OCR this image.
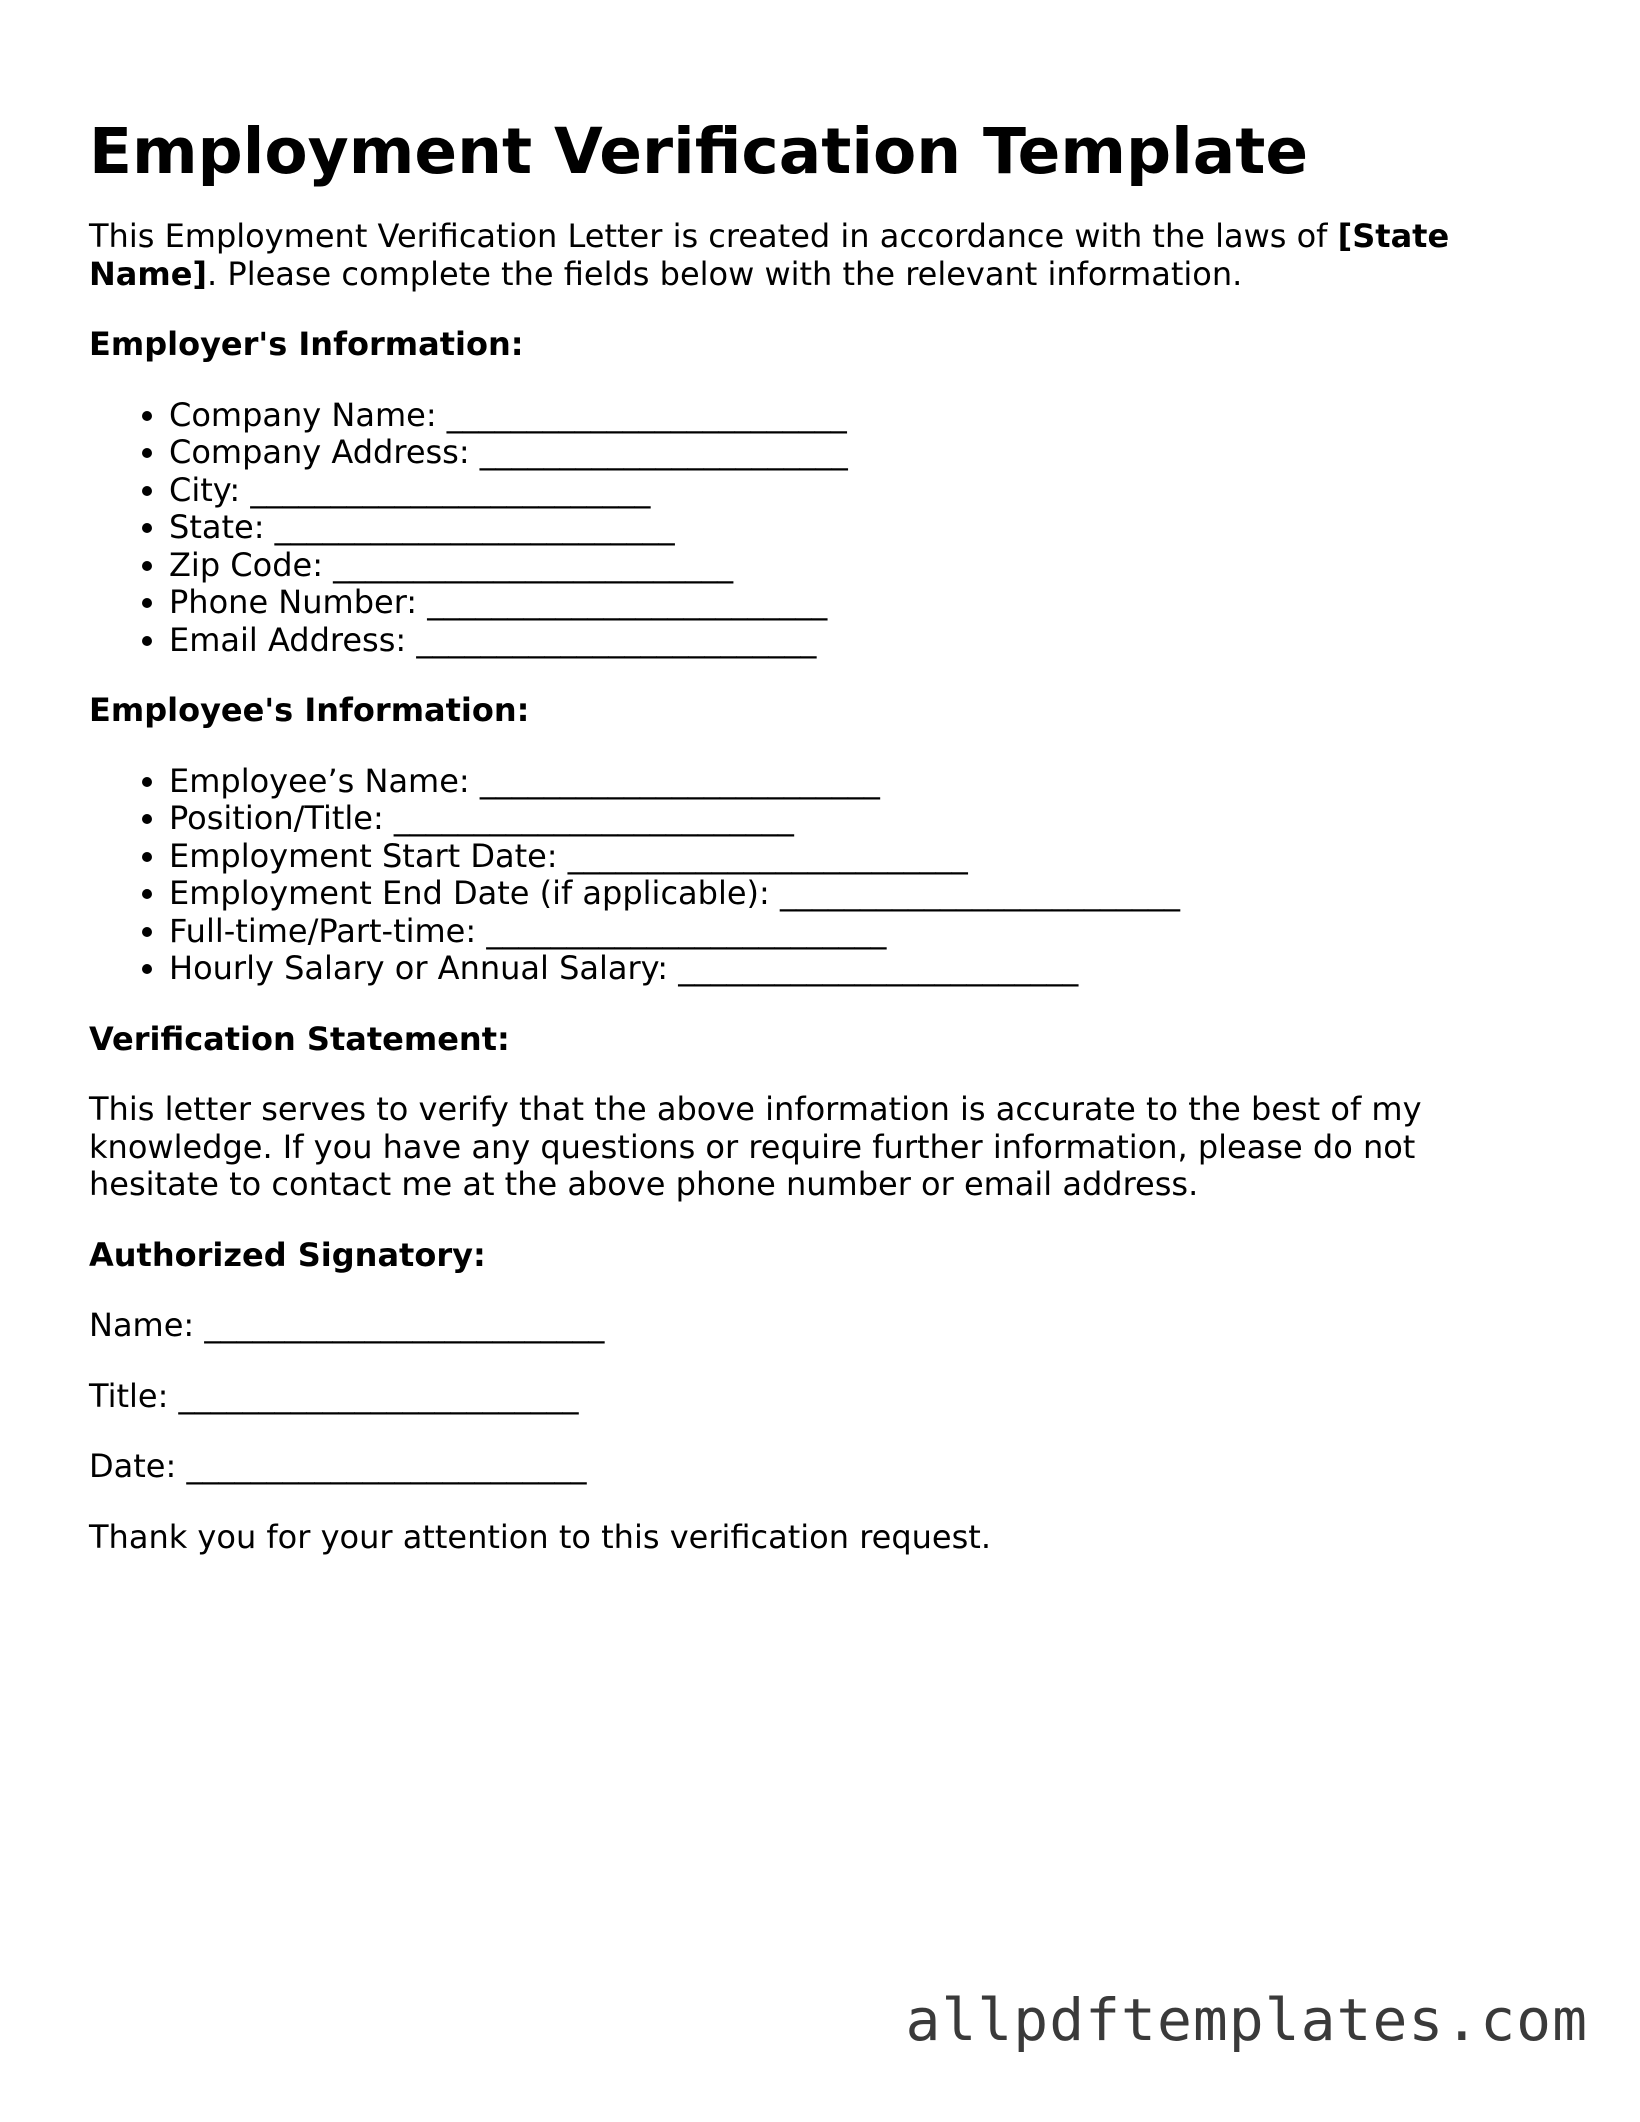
Employment Verification Template

This Employment Verification Letter is created in accordance with the laws of [State Name]. Please complete the fields below with the relevant information.

Employer's Information:

• Company Name: _________________________
• Company Address: _______________________
• City: _________________________
• State: _________________________
• Zip Code: _________________________
• Phone Number: _________________________
• Email Address: _________________________

Employee's Information:

• Employee’s Name: _________________________
• Position/Title: _________________________
• Employment Start Date: _________________________
• Employment End Date (if applicable): _________________________
• Full-time/Part-time: _________________________
• Hourly Salary or Annual Salary: _________________________

Verification Statement:

This letter serves to verify that the above information is accurate to the best of my knowledge. If you have any questions or require further information, please do not hesitate to contact me at the above phone number or email address.

Authorized Signatory:

Name: _________________________

Title: _________________________

Date: _________________________

Thank you for your attention to this verification request.

allpdftemplates.com
